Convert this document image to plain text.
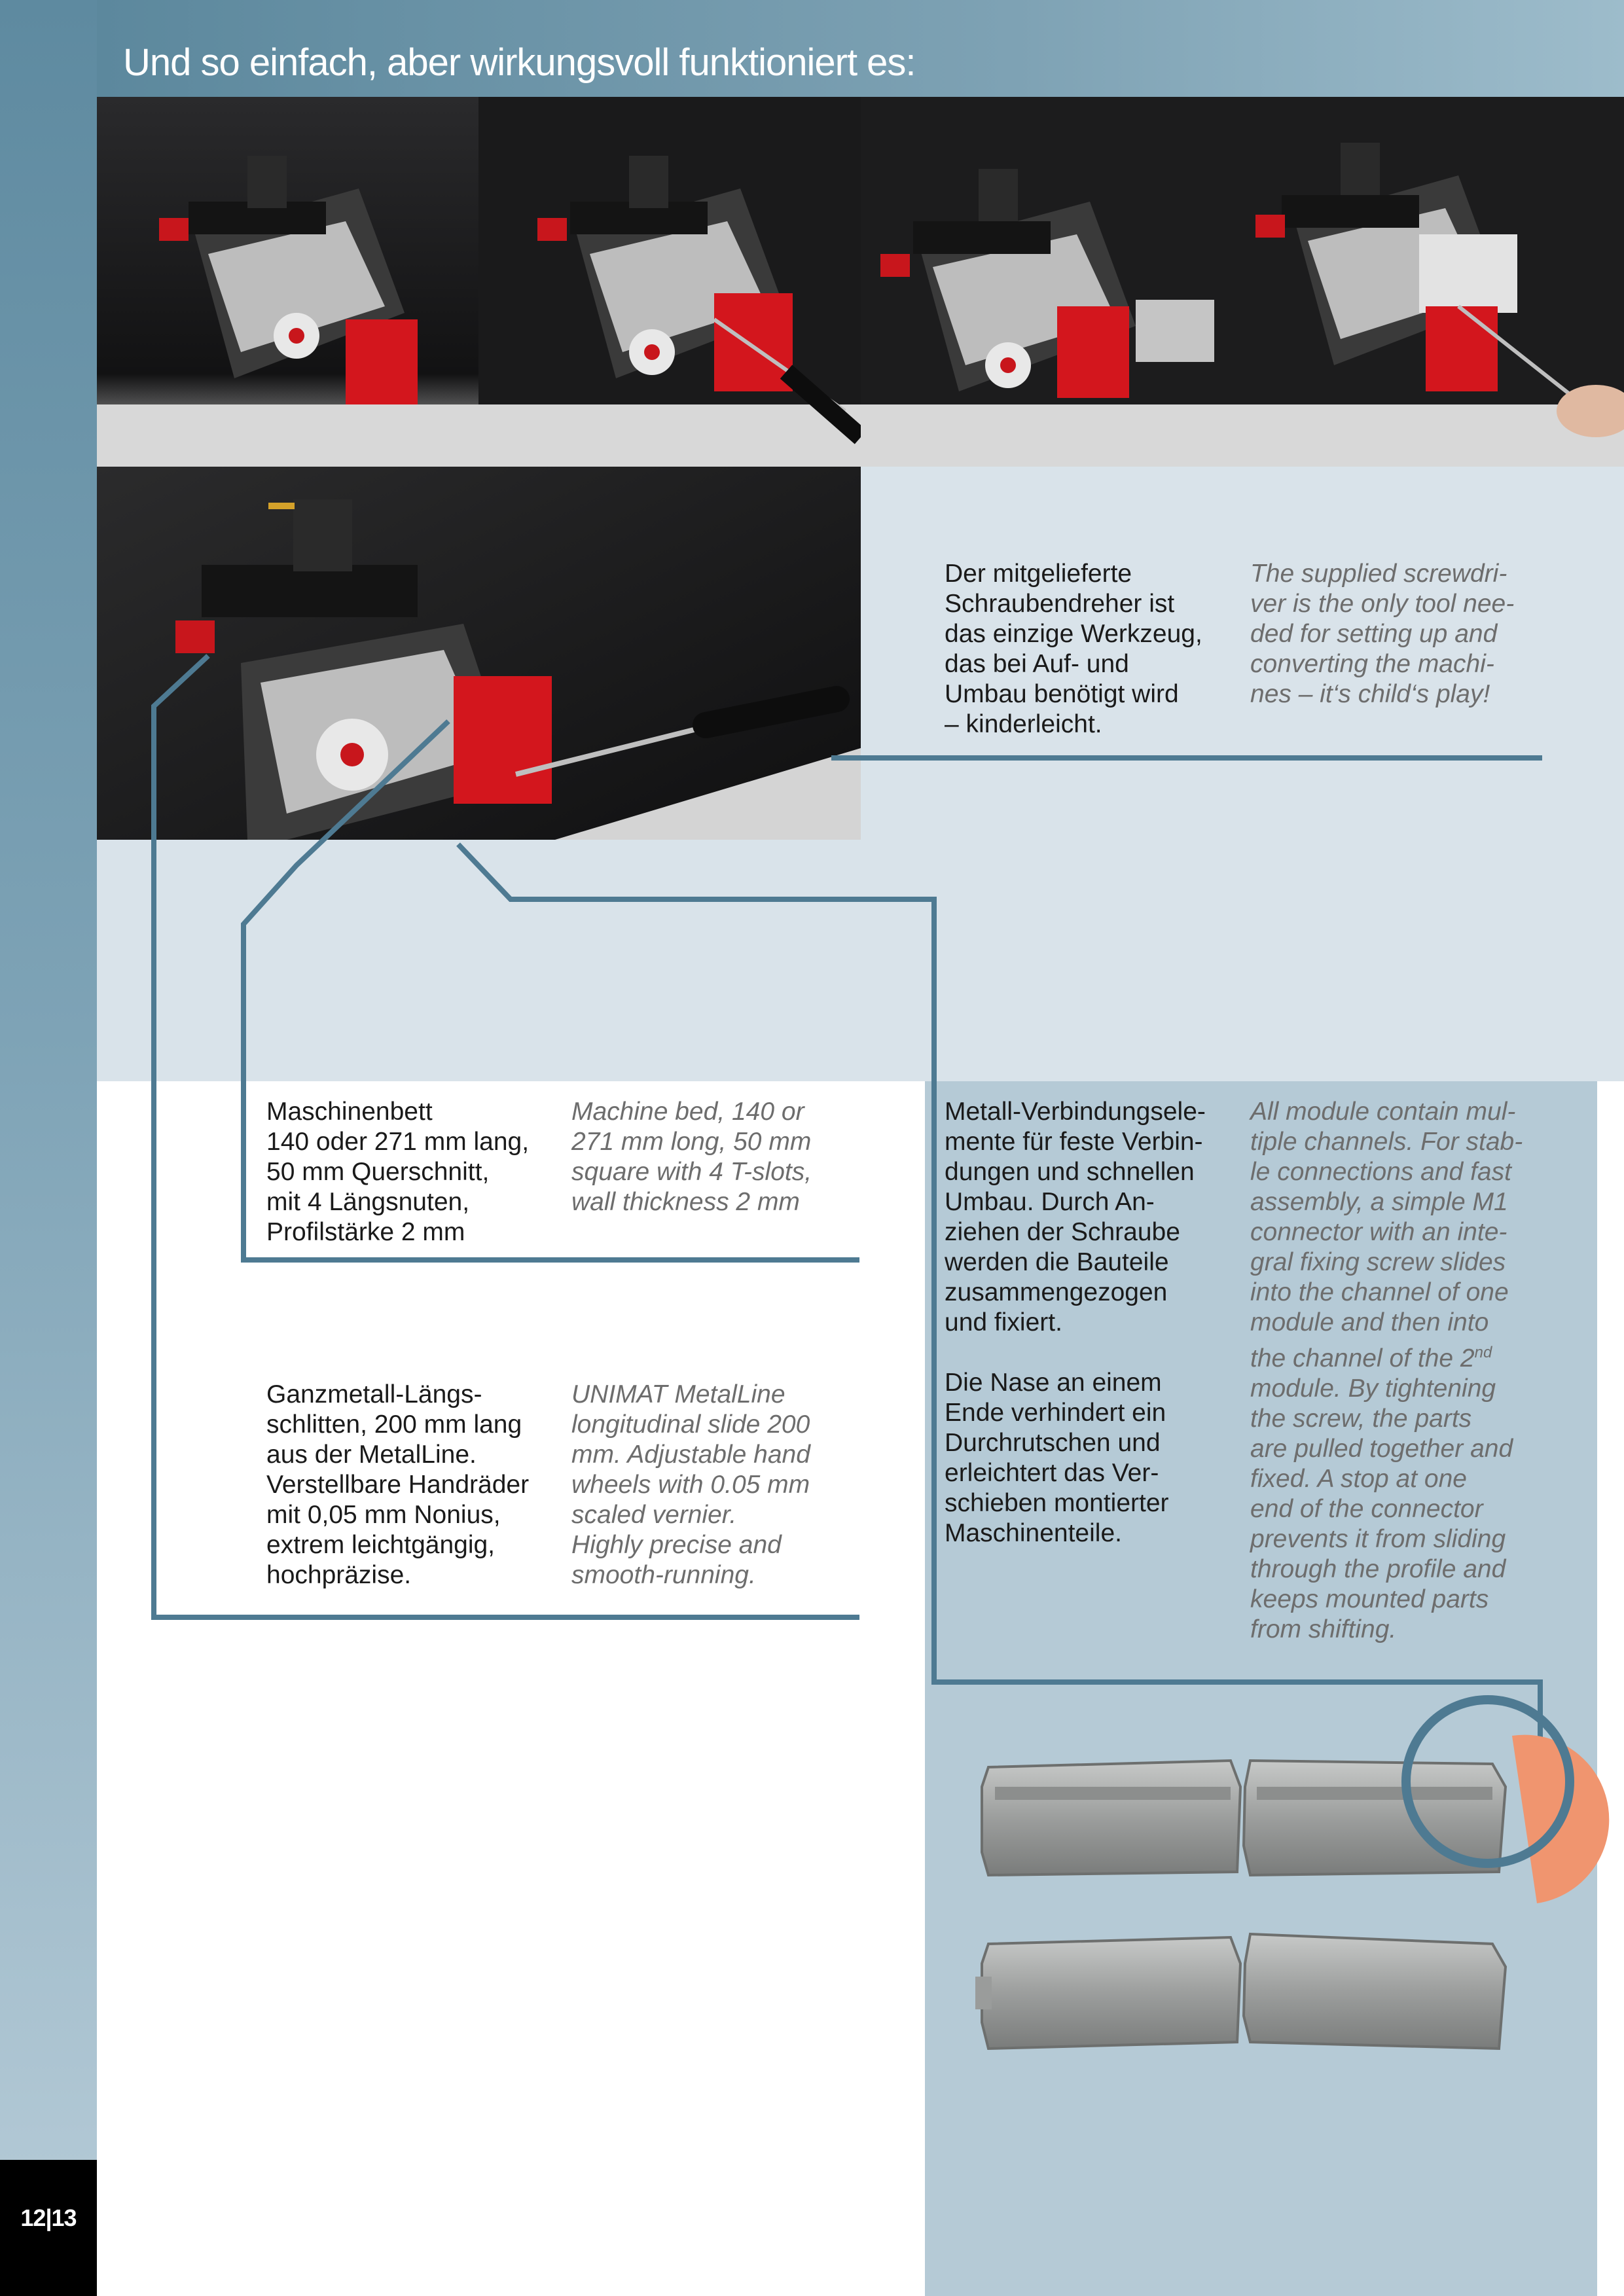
Und so einfach, aber wirkungsvoll funktioniert es:
12|13
Der mitgelieferte
Schraubendreher ist
das einzige Werkzeug,
das bei Auf- und
Umbau benötigt wird
– kinderleicht.
The supplied screwdri-
ver is the only tool nee-
ded for setting up and
converting the machi-
nes – it‘s child‘s play!
Maschinenbett
140 oder 271 mm lang,
50 mm Querschnitt,
mit 4 Längsnuten,
Profilstärke 2 mm
Machine bed, 140 or
271 mm long, 50 mm
square with 4 T-slots,
wall thickness 2 mm
Ganzmetall-Längs-
schlitten, 200 mm lang
aus der MetalLine.
Verstellbare Handräder
mit 0,05 mm Nonius,
extrem leichtgängig,
hochpräzise.
UNIMAT MetalLine
longitudinal slide 200
mm. Adjustable hand
wheels with 0.05 mm
scaled vernier.
Highly precise and
smooth-running.
Metall-Verbindungsele-
mente für feste Verbin-
dungen und schnellen
Umbau. Durch An-
ziehen der Schraube
werden die Bauteile
zusammengezogen
und fixiert.

Die Nase an einem
Ende verhindert ein
Durchrutschen und
erleichtert das Ver-
schieben montierter
Maschinenteile.
All module contain mul-
tiple channels. For stab-
le connections and fast
assembly, a simple M1
connector with an inte-
gral fixing screw slides
into the channel of one
module and then into
the channel of the 2nd
module. By tightening
the screw, the parts
are pulled together and
fixed. A stop at one
end of the connector
prevents it from sliding
through the profile and
keeps mounted parts
from shifting.
